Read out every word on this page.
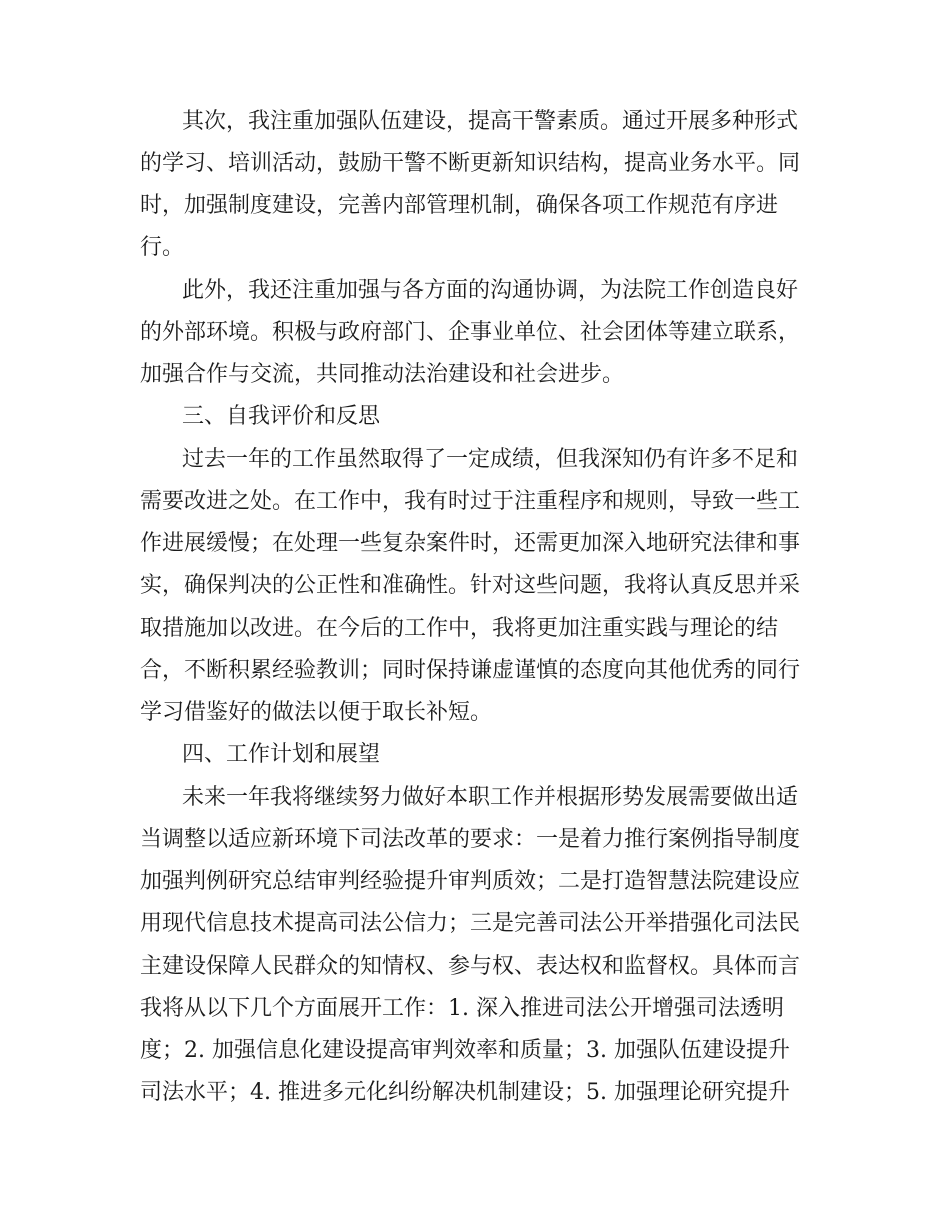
其次，我注重加强队伍建设，提高干警素质。通过开展多种形式
的学习、培训活动，鼓励干警不断更新知识结构，提高业务水平。同
时，加强制度建设，完善内部管理机制，确保各项工作规范有序进
行。
此外，我还注重加强与各方面的沟通协调，为法院工作创造良好
的外部环境。积极与政府部门、企事业单位、社会团体等建立联系，
加强合作与交流，共同推动法治建设和社会进步。
三、自我评价和反思
过去一年的工作虽然取得了一定成绩，但我深知仍有许多不足和
需要改进之处。在工作中，我有时过于注重程序和规则，导致一些工
作进展缓慢；在处理一些复杂案件时，还需更加深入地研究法律和事
实，确保判决的公正性和准确性。针对这些问题，我将认真反思并采
取措施加以改进。在今后的工作中，我将更加注重实践与理论的结
合，不断积累经验教训；同时保持谦虚谨慎的态度向其他优秀的同行
学习借鉴好的做法以便于取长补短。
四、工作计划和展望
未来一年我将继续努力做好本职工作并根据形势发展需要做出适
当调整以适应新环境下司法改革的要求：一是着力推行案例指导制度
加强判例研究总结审判经验提升审判质效；二是打造智慧法院建设应
用现代信息技术提高司法公信力；三是完善司法公开举措强化司法民
主建设保障人民群众的知情权、参与权、表达权和监督权。具体而言
我将从以下几个方面展开工作：1. 深入推进司法公开增强司法透明
度；2. 加强信息化建设提高审判效率和质量；3. 加强队伍建设提升
司法水平；4. 推进多元化纠纷解决机制建设；5. 加强理论研究提升
